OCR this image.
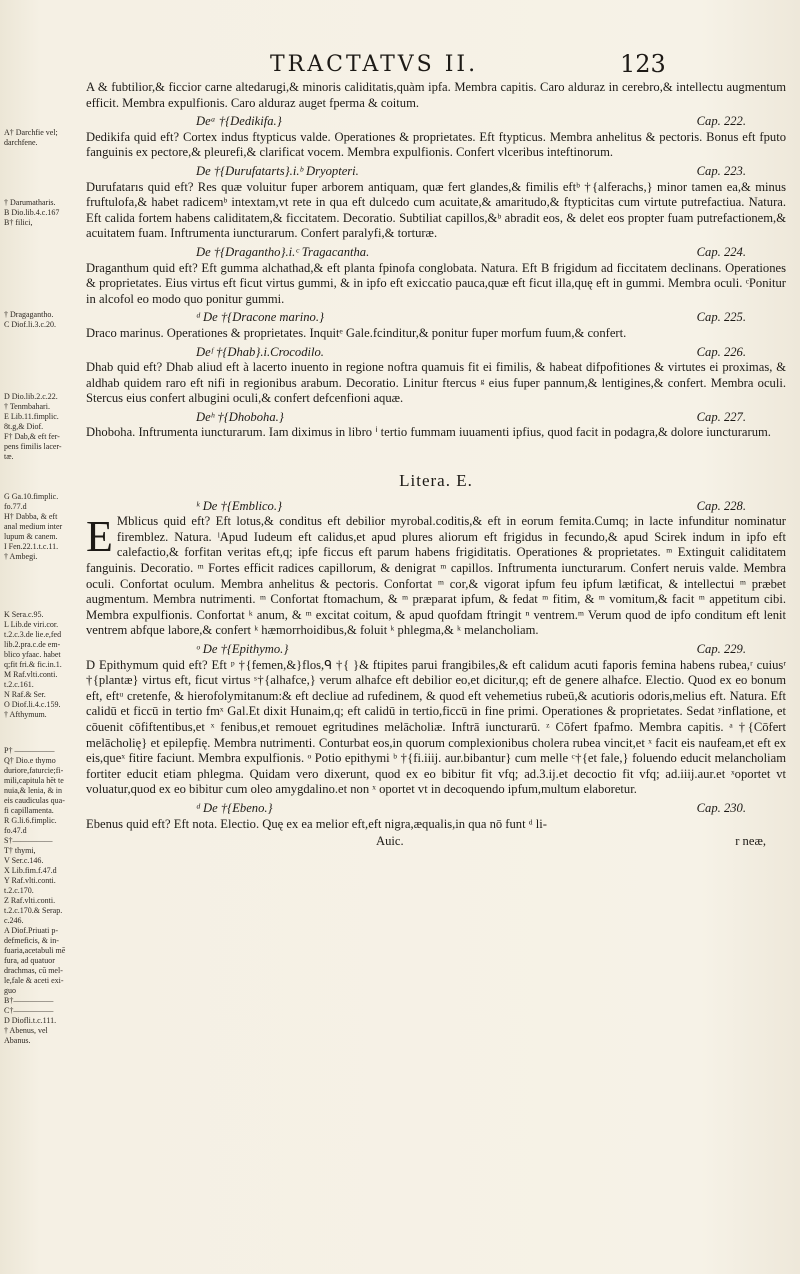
TRACTATVS II.	123
A† Darchfie vel;
darchfene.
† Darumatharis.
B Dio.lib.4.c.167
B† filici,
† Dragagantho.
C Diof.li.3.c.20.
D Dio.lib.2.c.22.
† Tenmbahari.
E Lib.11.fimplic.
8t.g,& Diof.
F† Dab,& eft fer-
pens fimilis lacer-
tæ.
G Ga.10.fimplic.
fo.77.d
H† Dabba, & eft
anal medium inter
lupum & canem.
I Fen.22.1.t.c.11.
† Ambegi.
K Sera.c.95.
L Lib.de viri.cor.
t.2.c.3.de lie.e,fed
lib.2.pra.c.de em-
blico yfaac. habet
q;fit fri.& fic.in.1.
M Raf.vlti.conti.
t.2.c.161.
N Raf.& Ser.
O Diof.li.4.c.159.
† Afthymum.
P† —————
Q† Dio.e thymo
duriore,faturcie;fi-
mili,capitula hēt te
nuia,& lenia, & in
eis caudiculas qua-
fi capillamenta.
R G.li.6.fimplic.
fo.47.d
S†—————
T† thymi,
V Ser.c.146.
X Lib.fim.f.47.d
Y Raf.vlti.conti.
t.2.c.170.
Z Raf.vlti.conti.
t.2.c.170.& Serap.
c.246.
A Diof.Priuati p-
defmeficis, & in-
fuaria,acetabuli mē
fura, ad quatuor
drachmas, cū mel-
le,fale & aceti exi-
guo
B†—————
C†—————
D Diofli.t.c.111.
† Abenus, vel
Abanus.

A & fubtilior,& ficcior carne altedarugi,& minoris caliditatis,quàm ipfa. Membra capitis. Caro alduraz in cerebro,& intellectu augmentum efficit. Membra expulfionis. Caro alduraz auget fperma & coitum.

Deᵃ †{Dedikifa.}	Cap. 222.

Dedikifa quid eft? Cortex indus ftypticus valde. Operationes & proprietates. Eft ftypticus. Membra anhelitus & pectoris. Bonus eft fputo fanguinis ex pectore,& pleurefi,& clarificat vocem. Membra expulfionis. Confert vlceribus inteftinorum.

De †{Durufatarts}.i.ᵇ Dryopteri.	Cap. 223.

Durufatarıs quid eft? Res quæ voluitur fuper arborem antiquam, quæ fert glandes,& fimilis eftᵇ †{alferachs,} minor tamen ea,& minus fruftulofa,& habet radicemᵇ intextam,vt rete in qua eft dulcedo cum acuitate,& amaritudo,& ftypticitas cum virtute putrefactiua. Natura. Eft calida fortem habens caliditatem,& ficcitatem. Decoratio. Subtiliat capillos,&ᵇ abradit eos, & delet eos propter fuam putrefactionem,& acuitatem fuam. Inftrumenta iuncturarum. Confert paralyfi,& torturæ.

De †{Dragantho}.i.ᶜ Tragacantha.	Cap. 224.

Draganthum quid eft? Eft gumma alchathad,& eft planta fpinofa conglobata. Natura. Eft B frigidum ad ficcitatem declinans. Operationes & proprietates. Eius virtus eft ficut virtus gummi, & in ipfo eft exiccatio pauca,quæ eft ficut illa,quę eft in gummi. Membra oculi. ᶜPonitur in alcofol eo modo quo ponitur gummi.

ᵈ De †{Dracone marino.}	Cap. 225.

Draco marinus. Operationes & proprietates. Inquitᵉ Gale.fcinditur,& ponitur fuper morfum fuum,& confert.

Deᶠ †{Dhab}.i.Crocodilo.	Cap. 226.

Dhab quid eft? Dhab aliud eft à lacerto inuento in regione noftra quamuis fit ei fimilis, & habeat difpofitiones & virtutes ei proximas, & aldhab quidem raro eft nifi in regionibus arabum. Decoratio. Linitur ftercus ᵍ eius fuper pannum,& lentigines,& confert. Membra oculi. Stercus eius confert albugini oculi,& confert defcenfioni aquæ.

Deʰ †{Dhoboha.}	Cap. 227.

Dhoboha. Inftrumenta iuncturarum. Iam diximus in libro ⁱ tertio fummam iuuamenti ipfius, quod facit in podagra,& dolore iuncturarum.

Litera. E.
ᵏ De †{Emblico.}	Cap. 228.

E Mblicus quid eft? Eft lotus,& conditus eft debilior myrobal.coditis,& eft in eorum femita.Cumq; in lacte infunditur nominatur firemblez. Natura. ˡApud Iudeum eft calidus,et apud plures aliorum eft frigidus in fecundo,& apud Scirek indum in ipfo eft calefactio,& forfitan veritas eft,q; ipfe ficcus eft parum habens frigiditatis. Operationes & proprietates. ᵐ Extinguit caliditatem fanguinis. Decoratio. ᵐ Fortes efficit radices capillorum, & denigrat ᵐ capillos. Inftrumenta iuncturarum. Confert neruis valde. Membra oculi. Confortat oculum. Membra anhelitus & pectoris. Confortat ᵐ cor,& vigorat ipfum feu ipfum lætificat, & intellectui ᵐ præbet augmentum. Membra nutrimenti. ᵐ Confortat ftomachum, & ᵐ præparat ipfum, & fedat ᵐ fitim, & ᵐ vomitum,& facit ᵐ appetitum cibi. Membra expulfionis. Confortat ᵏ anum, & ᵐ excitat coitum, & apud quofdam ftringit ⁿ ventrem.ᵐ Verum quod de ipfo conditum eft lenit ventrem abfque labore,& confert ᵏ hæmorrhoidibus,& foluit ᵏ phlegma,& ᵏ melancholiam.

ᵒ De †{Epithymo.}	Cap. 229.

D Epithymum quid eft? Eft ᵖ †{femen,&}flos,ᑫ †{ }& ftipites parui frangibiles,& eft calidum acuti faporis femina habens rubea,ʳ cuiusʳ †{plantæ} virtus eft, ficut virtus ˢ†{alhafce,} verum alhafce eft debilior eo,et dicitur,q; eft de genere alhafce. Electio. Quod ex eo bonum eft, eftᵘ cretenfe, & hierofolymitanum:& eft decliue ad rufedinem, & quod eft vehemetius rubeū,& acutioris odoris,melius eft. Natura. Eft calidū et ficcū in tertio fmˣ Gal.Et dixit Hunaim,q; eft calidū in tertio,ficcū in fine primi. Operationes & proprietates. Sedat ʸinflatione, et cōuenit cōfiftentibus,et ˣ fenibus,et remouet egritudines melācholiæ. Inftrā iuncturarū. ᶻ Cōfert fpafmo. Membra capitis. ᵃ †{Cōfert melācholię} et epilepfię. Membra nutrimenti. Conturbat eos,in quorum complexionibus cholera rubea vincit,et ˣ facit eis naufeam,et eft ex eis,queˣ fitire faciunt. Membra expulfionis. ᵒ Potio epithymi ᵇ †{fi.iiij. aur.bibantur} cum melle ᶜ†{et fale,} foluendo educit melancholiam fortiter educit etiam phlegma. Quidam vero dixerunt, quod ex eo bibitur fit vfq; ad.3.ij.et decoctio fit vfq; ad.iiij.aur.et ˣoportet vt voluatur,quod ex eo bibitur cum oleo amygdalino.et non ˣ oportet vt in decoquendo ipfum,multum elaboretur.

ᵈ De †{Ebeno.}	Cap. 230.

Ebenus quid eft? Eft nota. Electio. Quę ex ea melior eft,eft nigra,æqualis,in qua nō funt ᵈ li-

Auic.	r neæ,
